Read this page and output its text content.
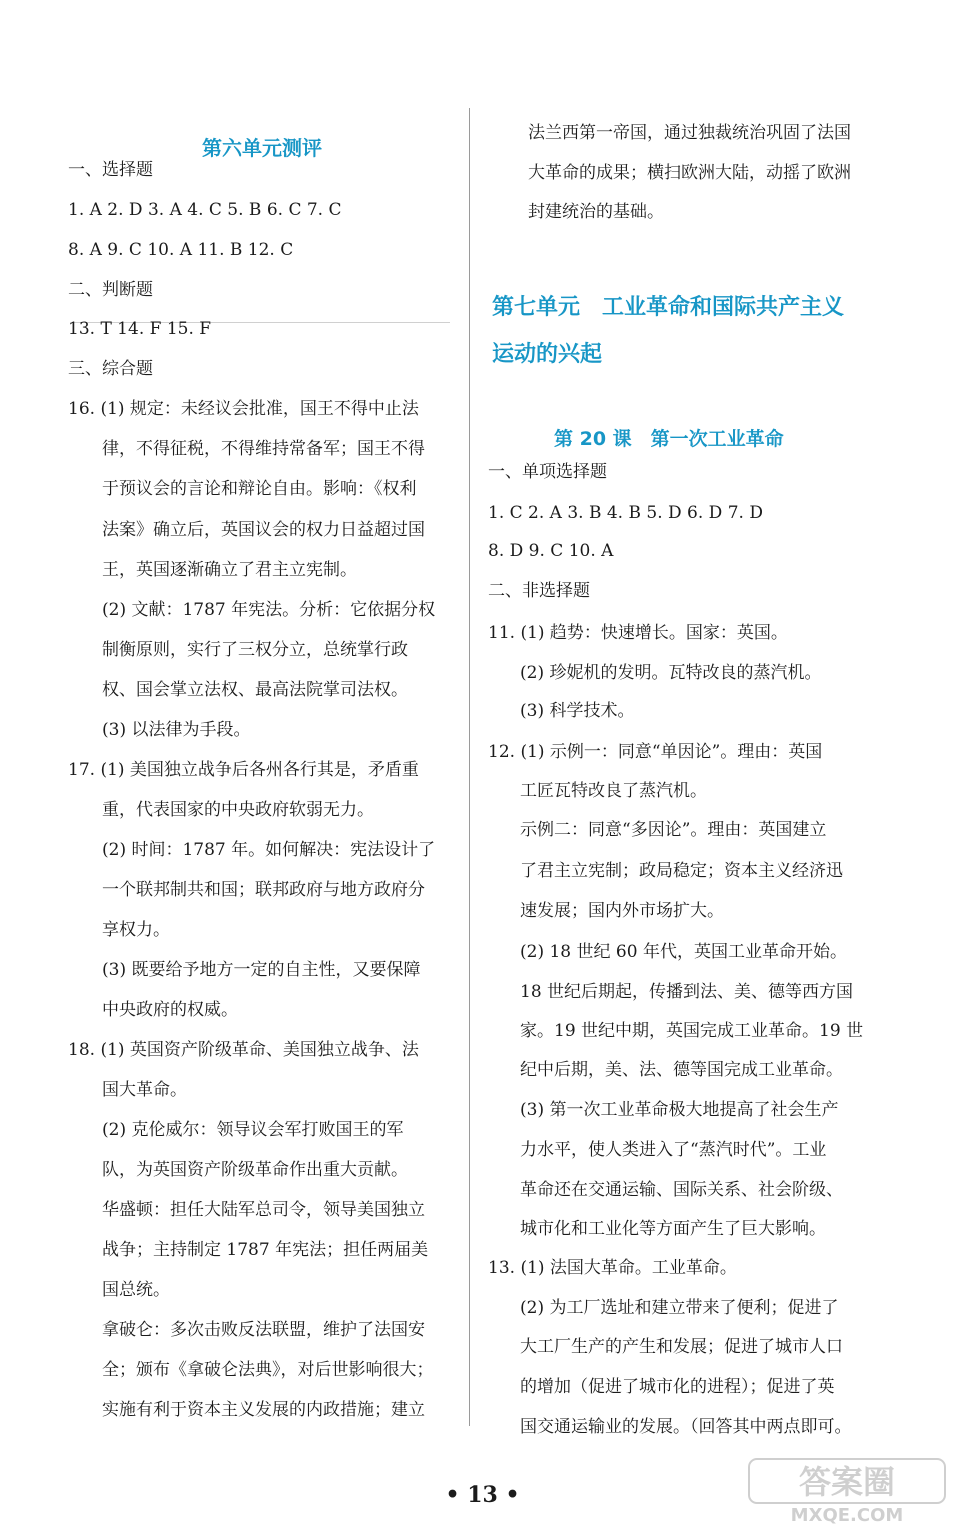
第六单元测评
一、选择题
1. A 2. D 3. A 4. C 5. B 6. C 7. C
8. A 9. C 10. A 11. B 12. C
二、判断题
13. T 14. F 15. F
三、综合题
16. (1) 规定：未经议会批准，国王不得中止法
律，不得征税，不得维持常备军；国王不得
于预议会的言论和辩论自由。影响：《权利
法案》确立后，英国议会的权力日益超过国
王，英国逐渐确立了君主立宪制。
(2) 文献：1787 年宪法。分析：它依据分权
制衡原则，实行了三权分立，总统掌行政
权、国会掌立法权、最高法院掌司法权。
(3) 以法律为手段。
17. (1) 美国独立战争后各州各行其是，矛盾重
重，代表国家的中央政府软弱无力。
(2) 时间：1787 年。如何解决：宪法设计了
一个联邦制共和国；联邦政府与地方政府分
享权力。
(3) 既要给予地方一定的自主性，又要保障
中央政府的权威。
18. (1) 英国资产阶级革命、美国独立战争、法
国大革命。
(2) 克伦威尔：领导议会军打败国王的军
队，为英国资产阶级革命作出重大贡献。
华盛顿：担任大陆军总司令，领导美国独立
战争；主持制定 1787 年宪法；担任两届美
国总统。
拿破仑：多次击败反法联盟，维护了法国安
全；颁布《拿破仑法典》，对后世影响很大；
实施有利于资本主义发展的内政措施；建立
法兰西第一帝国，通过独裁统治巩固了法国
大革命的成果；横扫欧洲大陆，动摇了欧洲
封建统治的基础。
第七单元　工业革命和国际共产主义
运动的兴起
第 20 课　第一次工业革命
一、单项选择题
1. C 2. A 3. B 4. B 5. D 6. D 7. D
8. D 9. C 10. A
二、非选择题
11. (1) 趋势：快速增长。国家：英国。
(2) 珍妮机的发明。瓦特改良的蒸汽机。
(3) 科学技术。
12. (1) 示例一：同意“单因论”。理由：英国
工匠瓦特改良了蒸汽机。
示例二：同意“多因论”。理由：英国建立
了君主立宪制；政局稳定；资本主义经济迅
速发展；国内外市场扩大。
(2) 18 世纪 60 年代，英国工业革命开始。
18 世纪后期起，传播到法、美、德等西方国
家。19 世纪中期，英国完成工业革命。19 世
纪中后期，美、法、德等国完成工业革命。
(3) 第一次工业革命极大地提高了社会生产
力水平，使人类进入了“蒸汽时代”。工业
革命还在交通运输、国际关系、社会阶级、
城市化和工业化等方面产生了巨大影响。
13. (1) 法国大革命。工业革命。
(2) 为工厂选址和建立带来了便利；促进了
大工厂生产的产生和发展；促进了城市人口
的增加（促进了城市化的进程）；促进了英
国交通运输业的发展。（回答其中两点即可。
• 13 •	答案圈
MXQE.COM
